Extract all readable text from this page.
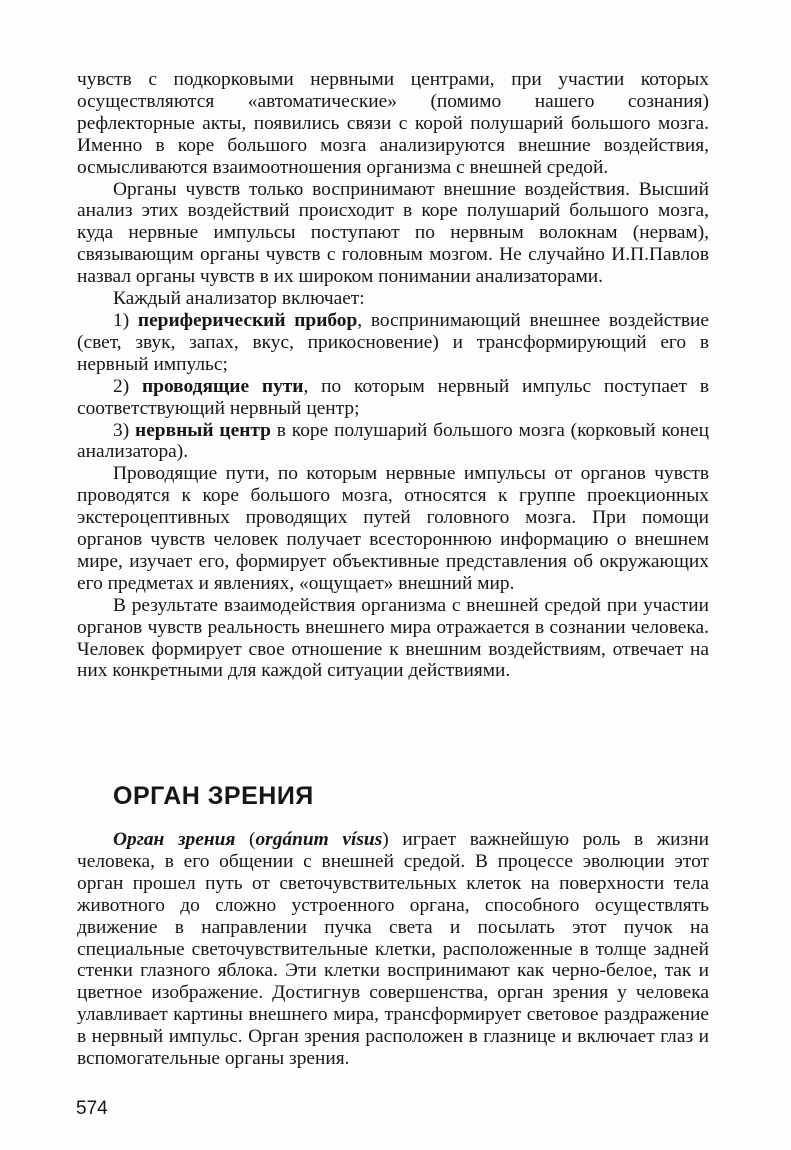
чувств с подкорковыми нервными центрами, при участии которых осуществляются «автоматические» (помимо нашего сознания) рефлекторные акты, появились связи с корой полушарий большого мозга. Именно в коре большого мозга анализируются внешние воздействия, осмысливаются взаимоотношения организма с внешней средой.

Органы чувств только воспринимают внешние воздействия. Высший анализ этих воздействий происходит в коре полушарий большого мозга, куда нервные импульсы поступают по нервным волокнам (нервам), связывающим органы чувств с головным мозгом. Не случайно И.П.Павлов назвал органы чувств в их широком понимании анализаторами.

Каждый анализатор включает:

1) периферический прибор, воспринимающий внешнее воздействие (свет, звук, запах, вкус, прикосновение) и трансформирующий его в нервный импульс;

2) проводящие пути, по которым нервный импульс поступает в соответствующий нервный центр;

3) нервный центр в коре полушарий большого мозга (корковый конец анализатора).

Проводящие пути, по которым нервные импульсы от органов чувств проводятся к коре большого мозга, относятся к группе проекционных экстероцептивных проводящих путей головного мозга. При помощи органов чувств человек получает всестороннюю информацию о внешнем мире, изучает его, формирует объективные представления об окружающих его предметах и явлениях, «ощущает» внешний мир.

В результате взаимодействия организма с внешней средой при участии органов чувств реальность внешнего мира отражается в сознании человека. Человек формирует свое отношение к внешним воздействиям, отвечает на них конкретными для каждой ситуации действиями.

ОРГАН ЗРЕНИЯ

Орган зрения (orgánum vísus) играет важнейшую роль в жизни человека, в его общении с внешней средой. В процессе эволюции этот орган прошел путь от светочувствительных клеток на поверхности тела животного до сложно устроенного органа, способного осуществлять движение в направлении пучка света и посылать этот пучок на специальные светочувствительные клетки, расположенные в толще задней стенки глазного яблока. Эти клетки воспринимают как черно-белое, так и цветное изображение. Достигнув совершенства, орган зрения у человека улавливает картины внешнего мира, трансформирует световое раздражение в нервный импульс. Орган зрения расположен в глазнице и включает глаз и вспомогательные органы зрения.

574
